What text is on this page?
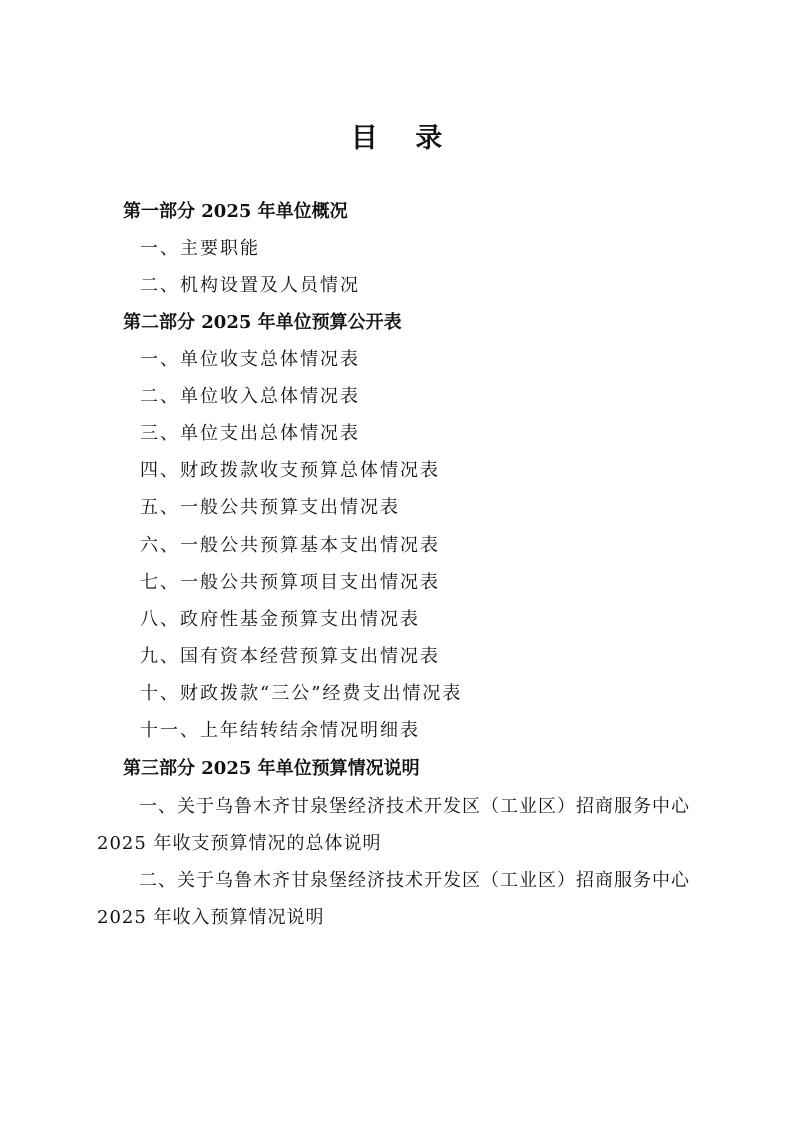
目 录
第一部分 2025 年单位概况
一、主要职能
二、机构设置及人员情况
第二部分 2025 年单位预算公开表
一、单位收支总体情况表
二、单位收入总体情况表
三、单位支出总体情况表
四、财政拨款收支预算总体情况表
五、一般公共预算支出情况表
六、一般公共预算基本支出情况表
七、一般公共预算项目支出情况表
八、政府性基金预算支出情况表
九、国有资本经营预算支出情况表
十、财政拨款“三公”经费支出情况表
十一、上年结转结余情况明细表
第三部分 2025 年单位预算情况说明
一、关于乌鲁木齐甘泉堡经济技术开发区（工业区）招商服务中心 2025 年收支预算情况的总体说明
二、关于乌鲁木齐甘泉堡经济技术开发区（工业区）招商服务中心 2025 年收入预算情况说明
